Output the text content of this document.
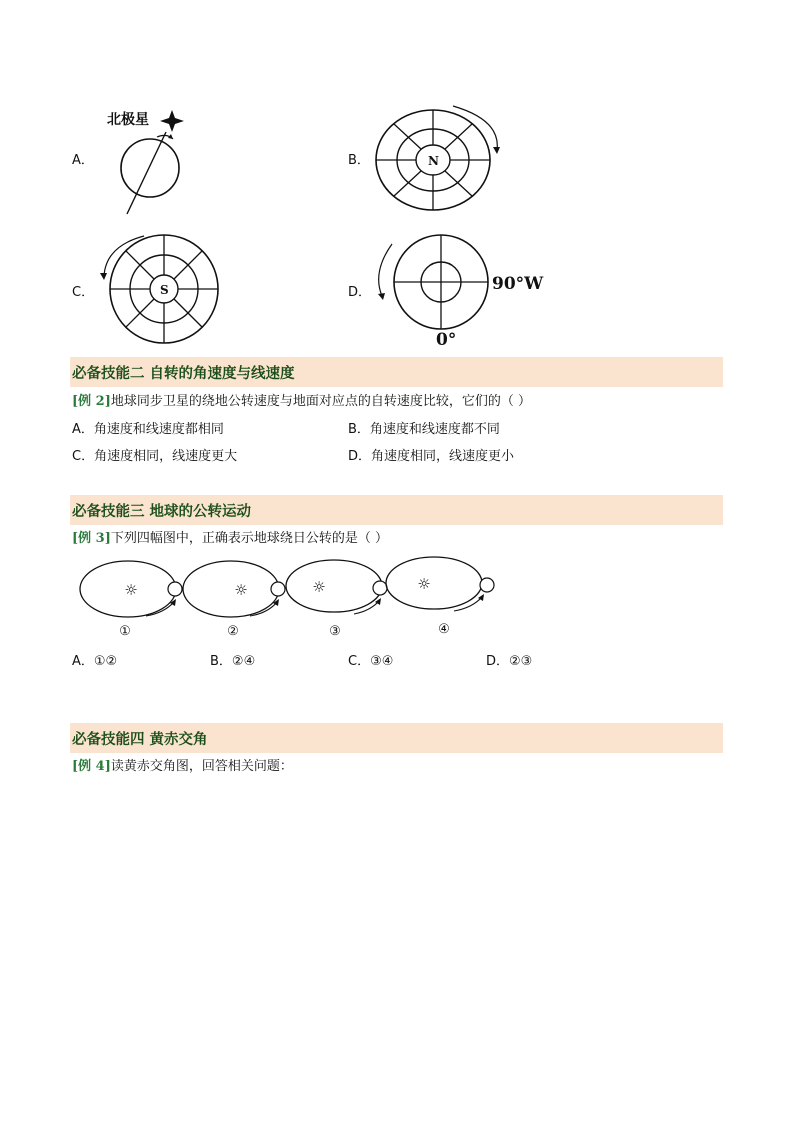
A．	B．
C．	D．
北极星
N
S	90°W
0°
必备技能二 自转的角速度与线速度
[例 2]地球同步卫星的绕地公转速度与地面对应点的自转速度比较，它们的（ ）
A．角速度和线速度都相同	B．角速度和线速度都不同
C．角速度相同，线速度更大	D．角速度相同，线速度更小
必备技能三 地球的公转运动
[例 3]下列四幅图中，正确表示地球绕日公转的是（ ）
☼
①
☼
②
☼
③
☼
④
A．①②	B．②④	C．③④	D．②③
必备技能四 黄赤交角
[例 4]读黄赤交角图，回答相关问题：
